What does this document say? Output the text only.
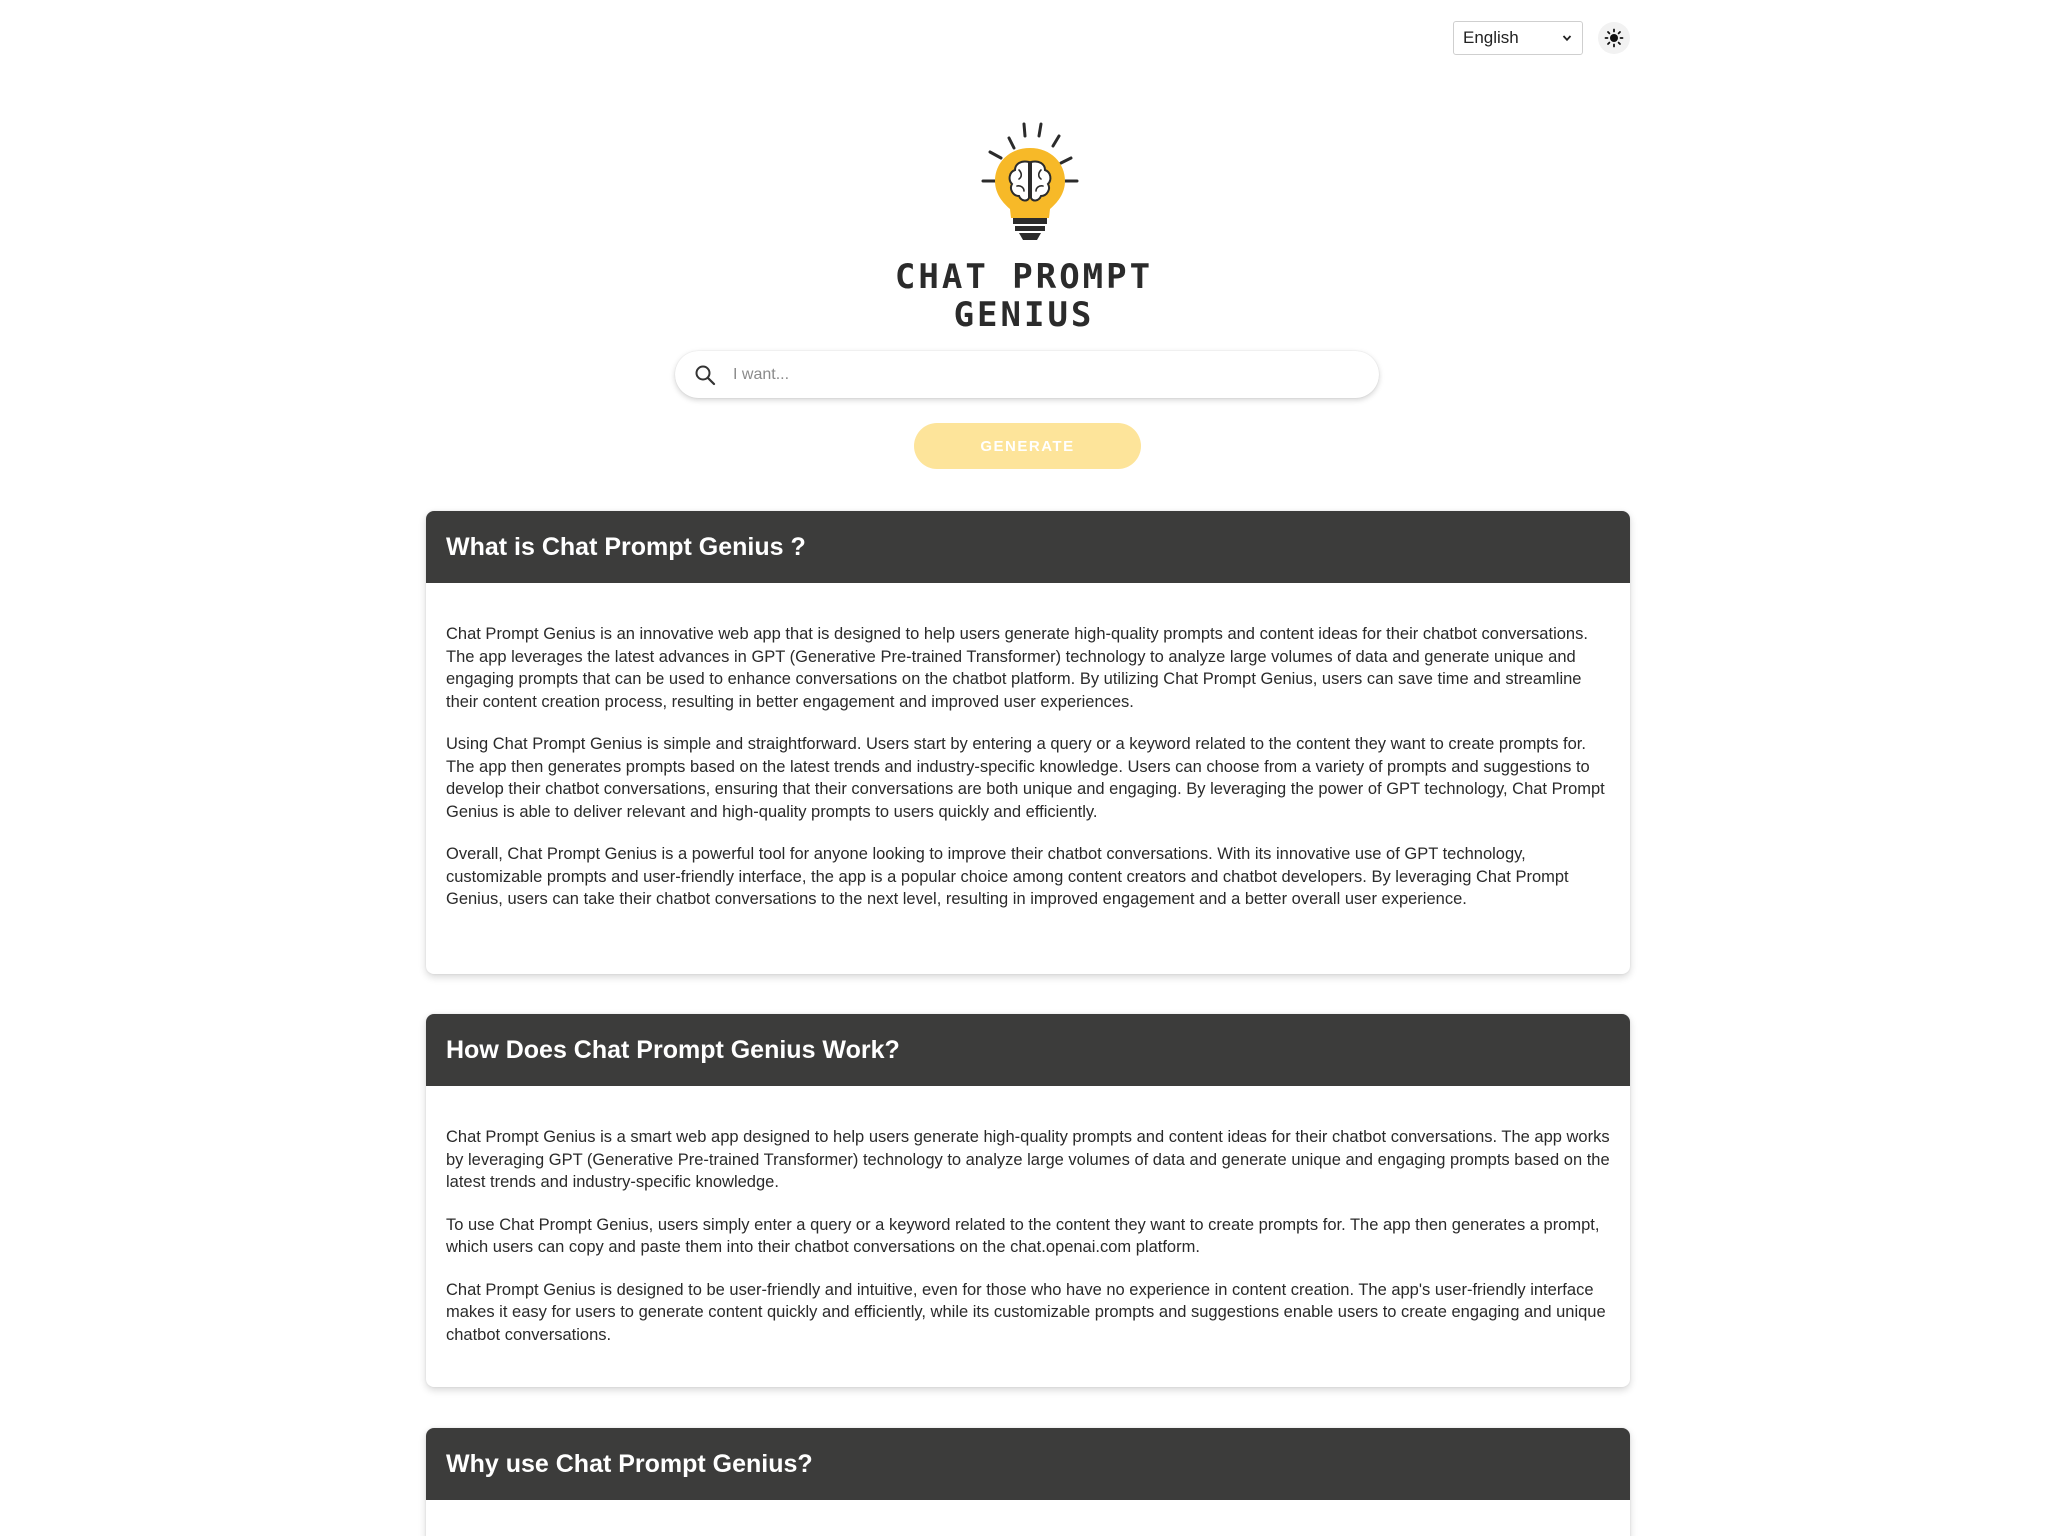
English
CHAT PROMPT
GENIUS
I want...
GENERATE
What is Chat Prompt Genius ?

Chat Prompt Genius is an innovative web app that is designed to help users generate high-quality prompts and content ideas for their chatbot conversations. The app leverages the latest advances in GPT (Generative Pre-trained Transformer) technology to analyze large volumes of data and generate unique and engaging prompts that can be used to enhance conversations on the chatbot platform. By utilizing Chat Prompt Genius, users can save time and streamline their content creation process, resulting in better engagement and improved user experiences.

Using Chat Prompt Genius is simple and straightforward. Users start by entering a query or a keyword related to the content they want to create prompts for. The app then generates prompts based on the latest trends and industry-specific knowledge. Users can choose from a variety of prompts and suggestions to develop their chatbot conversations, ensuring that their conversations are both unique and engaging. By leveraging the power of GPT technology, Chat Prompt Genius is able to deliver relevant and high-quality prompts to users quickly and efficiently.

Overall, Chat Prompt Genius is a powerful tool for anyone looking to improve their chatbot conversations. With its innovative use of GPT technology, customizable prompts and user-friendly interface, the app is a popular choice among content creators and chatbot developers. By leveraging Chat Prompt Genius, users can take their chatbot conversations to the next level, resulting in improved engagement and a better overall user experience.

How Does Chat Prompt Genius Work?

Chat Prompt Genius is a smart web app designed to help users generate high-quality prompts and content ideas for their chatbot conversations. The app works by leveraging GPT (Generative Pre-trained Transformer) technology to analyze large volumes of data and generate unique and engaging prompts based on the latest trends and industry-specific knowledge.

To use Chat Prompt Genius, users simply enter a query or a keyword related to the content they want to create prompts for. The app then generates a prompt, which users can copy and paste them into their chatbot conversations on the chat.openai.com platform.

Chat Prompt Genius is designed to be user-friendly and intuitive, even for those who have no experience in content creation. The app's user-friendly interface makes it easy for users to generate content quickly and efficiently, while its customizable prompts and suggestions enable users to create engaging and unique chatbot conversations.

Why use Chat Prompt Genius?
